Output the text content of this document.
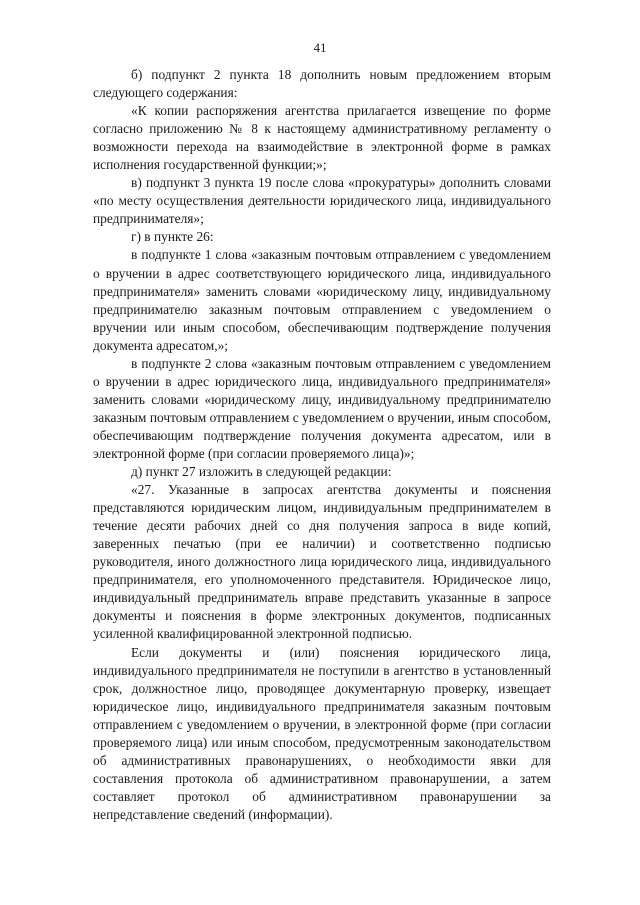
41

б) подпункт 2 пункта 18 дополнить новым предложением вторым следующего содержания:

«К копии распоряжения агентства прилагается извещение по форме согласно приложению № 8 к настоящему административному регламенту о возможности перехода на взаимодействие в электронной форме в рамках исполнения государственной функции;»;

в) подпункт 3 пункта 19 после слова «прокуратуры» дополнить словами «по месту осуществления деятельности юридического лица, индивидуального предпринимателя»;

г) в пункте 26:

в подпункте 1 слова «заказным почтовым отправлением с уведомлением о вручении в адрес соответствующего юридического лица, индивидуального предпринимателя» заменить словами «юридическому лицу, индивидуальному предпринимателю заказным почтовым отправлением с уведомлением о вручении или иным способом, обеспечивающим подтверждение получения документа адресатом,»;

в подпункте 2 слова «заказным почтовым отправлением с уведомлением о вручении в адрес юридического лица, индивидуального предпринимателя» заменить словами «юридическому лицу, индивидуальному предпринимателю заказным почтовым отправлением с уведомлением о вручении, иным способом, обеспечивающим подтверждение получения документа адресатом, или в электронной форме (при согласии проверяемого лица)»;

д) пункт 27 изложить в следующей редакции:

«27. Указанные в запросах агентства документы и пояснения представляются юридическим лицом, индивидуальным предпринимателем в течение десяти рабочих дней со дня получения запроса в виде копий, заверенных печатью (при ее наличии) и соответственно подписью руководителя, иного должностного лица юридического лица, индивидуального предпринимателя, его уполномоченного представителя. Юридическое лицо, индивидуальный предприниматель вправе представить указанные в запросе документы и пояснения в форме электронных документов, подписанных усиленной квалифицированной электронной подписью.

Если документы и (или) пояснения юридического лица, индивидуального предпринимателя не поступили в агентство в установленный срок, должностное лицо, проводящее документарную проверку, извещает юридическое лицо, индивидуального предпринимателя заказным почтовым отправлением с уведомлением о вручении, в электронной форме (при согласии проверяемого лица) или иным способом, предусмотренным законодательством об административных правонарушениях, о необходимости явки для составления протокола об административном правонарушении, а затем составляет протокол об административном правонарушении за непредставление сведений (информации).
